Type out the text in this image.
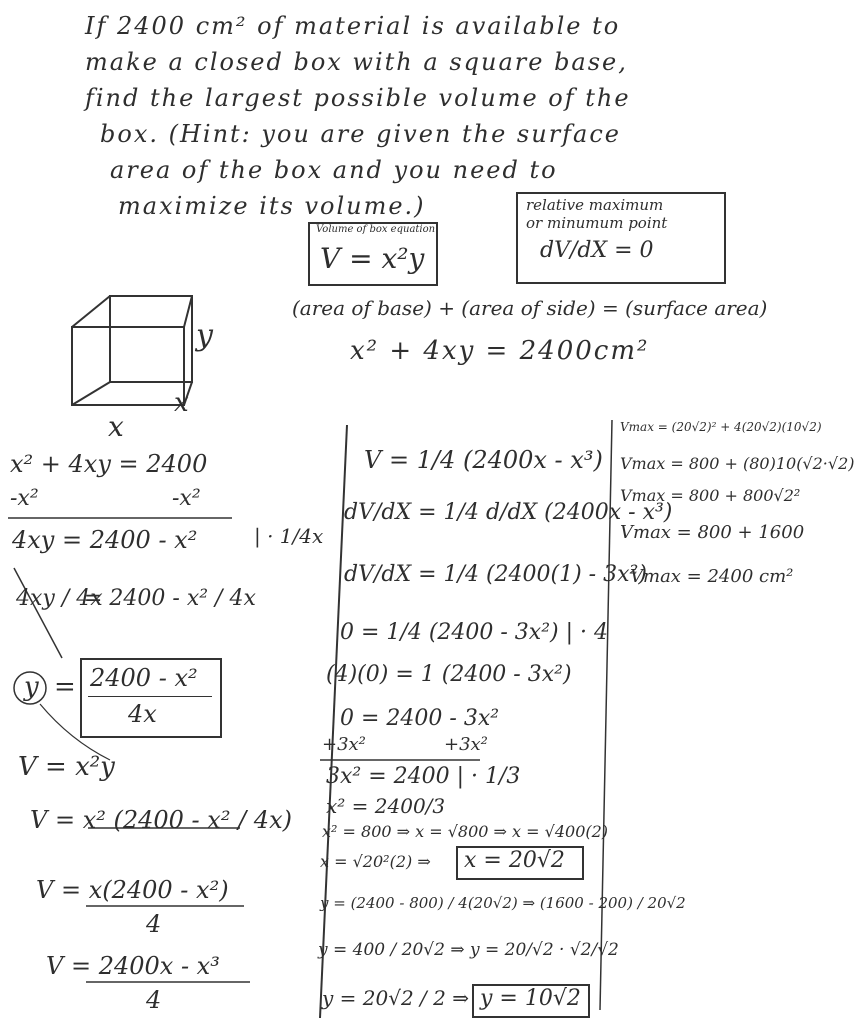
If 2400 cm² of material is available to
make a closed box with a square base,
find the largest possible volume of the
box. (Hint: you are given the surface
area of the box and you need to
maximize its volume.)
Volume of box equation
V = x²y
relative maximum
or minumum point
dV/dX = 0
(area of base) + (area of side) = (surface area)
x² + 4xy = 2400cm²
y
x
x
x² + 4xy = 2400
-x²	-x²
4xy = 2400 - x²	| · 1/4x
4xy / 4x
= 2400 - x² / 4x
y = 2400 - x²
4x
V = x²y
V = x² (2400 - x² / 4x)
V = x(2400 - x²)
4
V = 2400x - x³
4
V = 1/4 (2400x - x³)
dV/dX = 1/4 d/dX (2400x - x³)
dV/dX = 1/4 (2400(1) - 3x²)
0 = 1/4 (2400 - 3x²) | · 4
(4)(0) = 1 (2400 - 3x²)
0 = 2400 - 3x²
+3x²	+3x²
3x² = 2400 | · 1/3
x² = 2400/3
x² = 800 ⇒ x = √800 ⇒ x = √400(2)
x = √20²(2) ⇒ x = 20√2
y = (2400 - 800) / 4(20√2) ⇒ (1600 - 200) / 20√2
y = 400 / 20√2 ⇒ y = 20/√2 · √2/√2
y = 20√2 / 2 ⇒ y = 10√2
Vmax = (20√2)² + 4(20√2)(10√2)
Vmax = 800 + (80)10(√2·√2)
Vmax = 800 + 800√2²
Vmax = 800 + 1600
Vmax = 2400 cm²
